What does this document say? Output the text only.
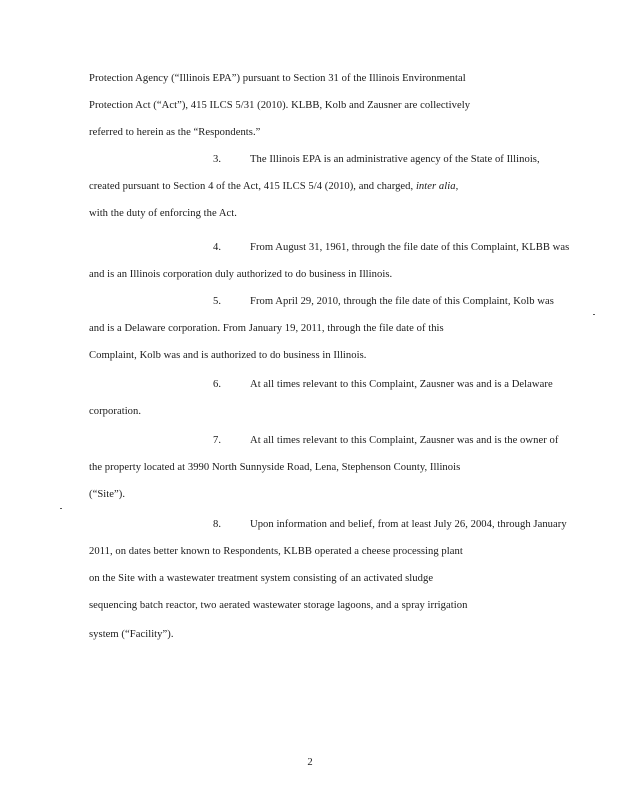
Protection Agency (“Illinois EPA”) pursuant to Section 31 of the Illinois Environmental
Protection Act (“Act”), 415 ILCS 5/31 (2010). KLBB, Kolb and Zausner are collectively
referred to herein as the “Respondents.”
3.	The Illinois EPA is an administrative agency of the State of Illinois,
created pursuant to Section 4 of the Act, 415 ILCS 5/4 (2010), and charged, inter alia,
with the duty of enforcing the Act.
4.	From August 31, 1961, through the file date of this Complaint, KLBB was
and is an Illinois corporation duly authorized to do business in Illinois.
5.	From April 29, 2010, through the file date of this Complaint, Kolb was
and is a Delaware corporation. From January 19, 2011, through the file date of this
Complaint, Kolb was and is authorized to do business in Illinois.
6.	At all times relevant to this Complaint, Zausner was and is a Delaware
corporation.
7.	At all times relevant to this Complaint, Zausner was and is the owner of
the property located at 3990 North Sunnyside Road, Lena, Stephenson County, Illinois
(“Site”).
8.	Upon information and belief, from at least July 26, 2004, through January
2011, on dates better known to Respondents, KLBB operated a cheese processing plant
on the Site with a wastewater treatment system consisting of an activated sludge
sequencing batch reactor, two aerated wastewater storage lagoons, and a spray irrigation
system (“Facility”).
2
